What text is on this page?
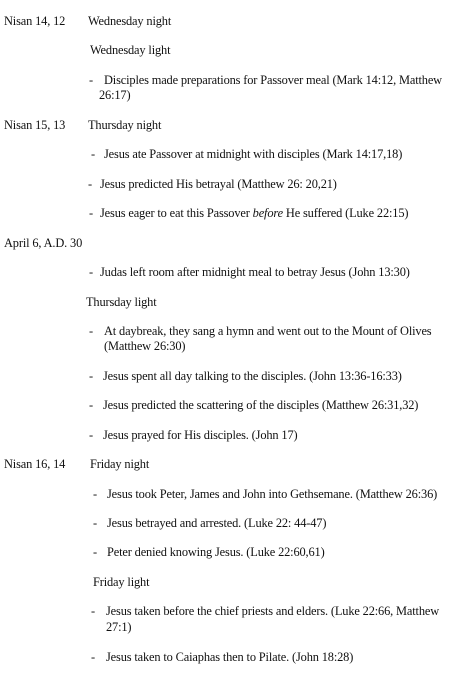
Nisan 14, 12 Wednesday night
Wednesday light
- Disciples made preparations for Passover meal (Mark 14:12, Matthew
26:17)
Nisan 15, 13 Thursday night
- Jesus ate Passover at midnight with disciples (Mark 14:17,18)
- Jesus predicted His betrayal (Matthew 26: 20,21)
- Jesus eager to eat this Passover before He suffered (Luke 22:15)
April 6, A.D. 30
- Judas left room after midnight meal to betray Jesus (John 13:30)
Thursday light
- At daybreak, they sang a hymn and went out to the Mount of Olives
(Matthew 26:30)
- Jesus spent all day talking to the disciples. (John 13:36-16:33)
- Jesus predicted the scattering of the disciples (Matthew 26:31,32)
- Jesus prayed for His disciples. (John 17)
Nisan 16, 14 Friday night
- Jesus took Peter, James and John into Gethsemane. (Matthew 26:36)
- Jesus betrayed and arrested. (Luke 22: 44-47)
- Peter denied knowing Jesus. (Luke 22:60,61)
Friday light
- Jesus taken before the chief priests and elders. (Luke 22:66, Matthew
27:1)
- Jesus taken to Caiaphas then to Pilate. (John 18:28)
